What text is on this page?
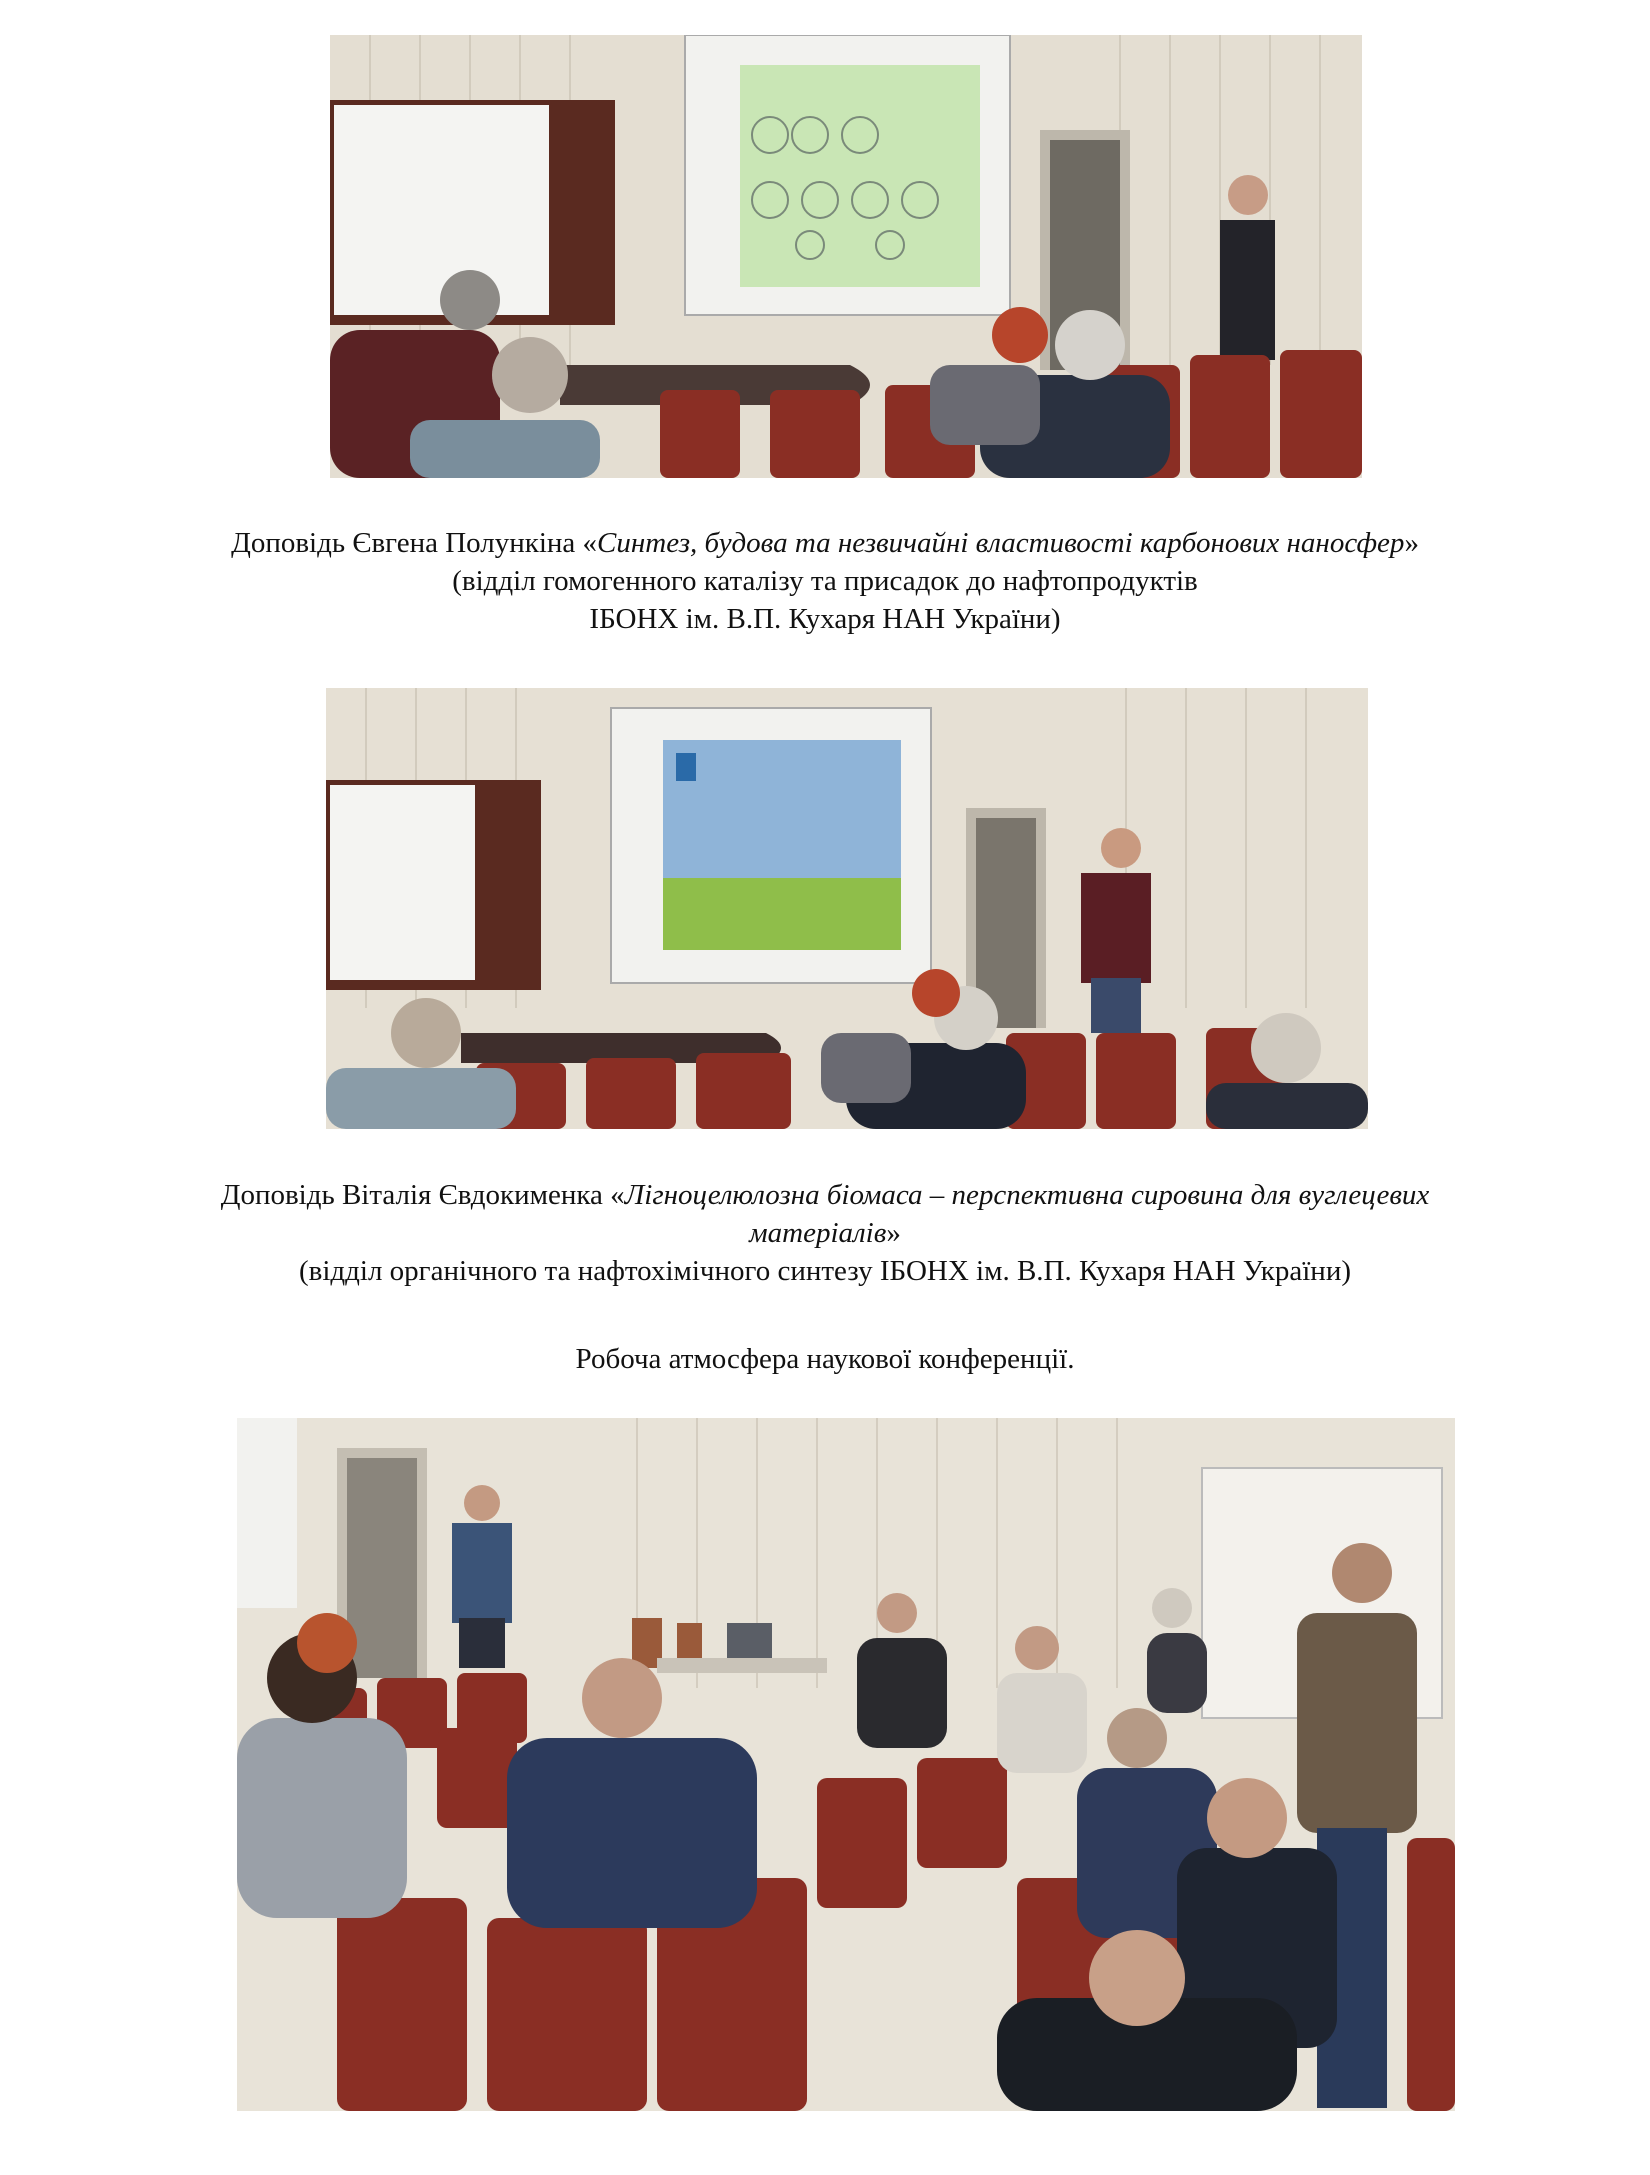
Доповідь Євгена Полункіна «Синтез, будова та незвичайні властивості карбонових наносфер»
(відділ гомогенного каталізу та присадок до нафтопродуктів
ІБОНХ ім. В.П. Кухаря НАН України)
Доповідь Віталія Євдокименка «Лігноцелюлозна біомаса – перспективна сировина для вуглецевих
матеріалів»
(відділ органічного та нафтохімічного синтезу ІБОНХ ім. В.П. Кухаря НАН України)
Робоча атмосфера наукової конференції.
